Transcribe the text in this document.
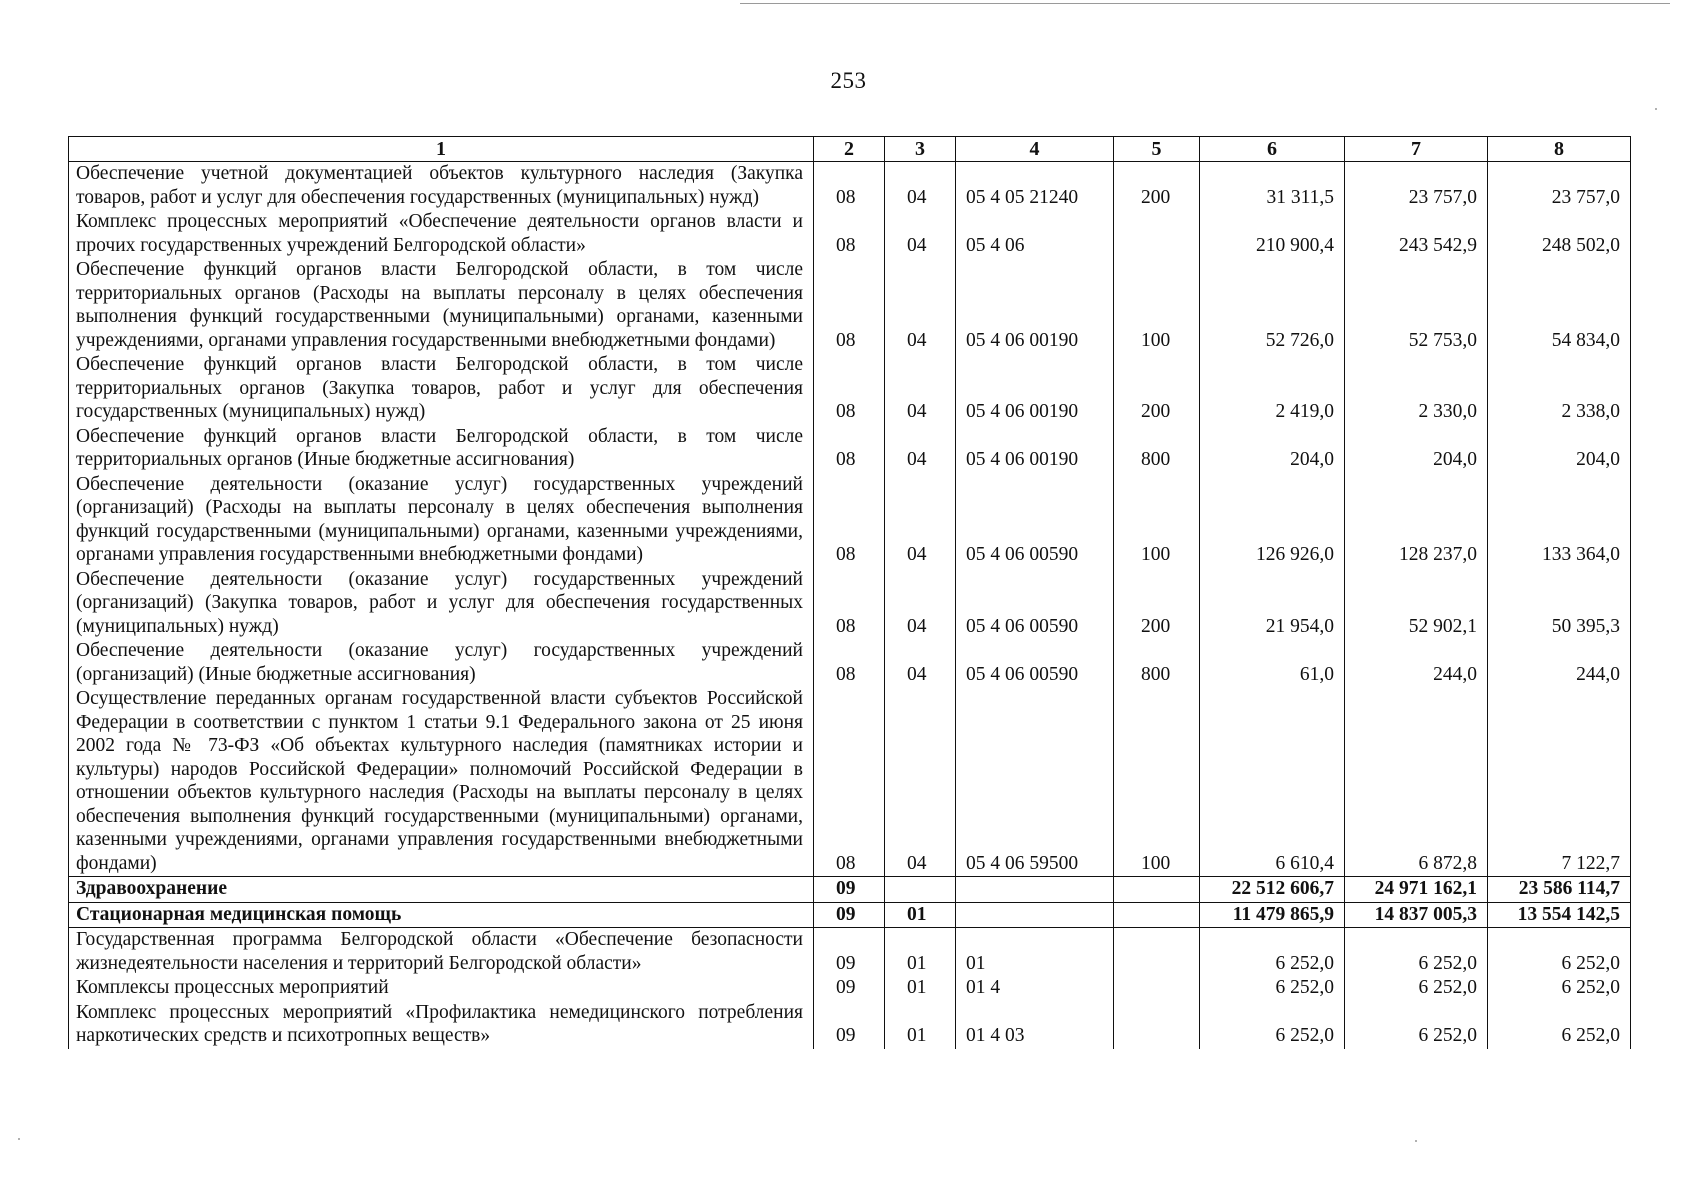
253
1	2	3	4	5	6	7	8
Обеспечение учетной документацией объектов культурного наследия (Закупка товаров, работ и услуг для обеспечения государственных (муниципальных) нужд)	08	04	05 4 05 21240	200	31 311,5	23 757,0	23 757,0
Комплекс процессных мероприятий «Обеспечение деятельности органов власти и прочих государственных учреждений Белгородской области»	08	04	05 4 06		210 900,4	243 542,9	248 502,0
Обеспечение функций органов власти Белгородской области, в том числе территориальных органов (Расходы на выплаты персоналу в целях обеспечения выполнения функций государственными (муниципальными) органами, казенными учреждениями, органами управления государственными внебюджетными фондами)	08	04	05 4 06 00190	100	52 726,0	52 753,0	54 834,0
Обеспечение функций органов власти Белгородской области, в том числе территориальных органов (Закупка товаров, работ и услуг для обеспечения государственных (муниципальных) нужд)	08	04	05 4 06 00190	200	2 419,0	2 330,0	2 338,0
Обеспечение функций органов власти Белгородской области, в том числе территориальных органов (Иные бюджетные ассигнования)	08	04	05 4 06 00190	800	204,0	204,0	204,0
Обеспечение деятельности (оказание услуг) государственных учреждений (организаций) (Расходы на выплаты персоналу в целях обеспечения выполнения функций государственными (муниципальными) органами, казенными учреждениями, органами управления государственными внебюджетными фондами)	08	04	05 4 06 00590	100	126 926,0	128 237,0	133 364,0
Обеспечение деятельности (оказание услуг) государственных учреждений (организаций) (Закупка товаров, работ и услуг для обеспечения государственных (муниципальных) нужд)	08	04	05 4 06 00590	200	21 954,0	52 902,1	50 395,3
Обеспечение деятельности (оказание услуг) государственных учреждений (организаций) (Иные бюджетные ассигнования)	08	04	05 4 06 00590	800	61,0	244,0	244,0
Осуществление переданных органам государственной власти субъектов Российской Федерации в соответствии с пунктом 1 статьи 9.1 Федерального закона от 25 июня 2002 года № 73-ФЗ «Об объектах культурного наследия (памятниках истории и культуры) народов Российской Федерации» полномочий Российской Федерации в отношении объектов культурного наследия (Расходы на выплаты персоналу в целях обеспечения выполнения функций государственными (муниципальными) органами, казенными учреждениями, органами управления государственными внебюджетными фондами)	08	04	05 4 06 59500	100	6 610,4	6 872,8	7 122,7
Здравоохранение	09				22 512 606,7	24 971 162,1	23 586 114,7
Стационарная медицинская помощь	09	01			11 479 865,9	14 837 005,3	13 554 142,5
Государственная программа Белгородской области «Обеспечение безопасности жизнедеятельности населения и территорий Белгородской области»	09	01	01		6 252,0	6 252,0	6 252,0
Комплексы процессных мероприятий	09	01	01 4		6 252,0	6 252,0	6 252,0
Комплекс процессных мероприятий «Профилактика немедицинского потребления наркотических средств и психотропных веществ»	09	01	01 4 03		6 252,0	6 252,0	6 252,0
